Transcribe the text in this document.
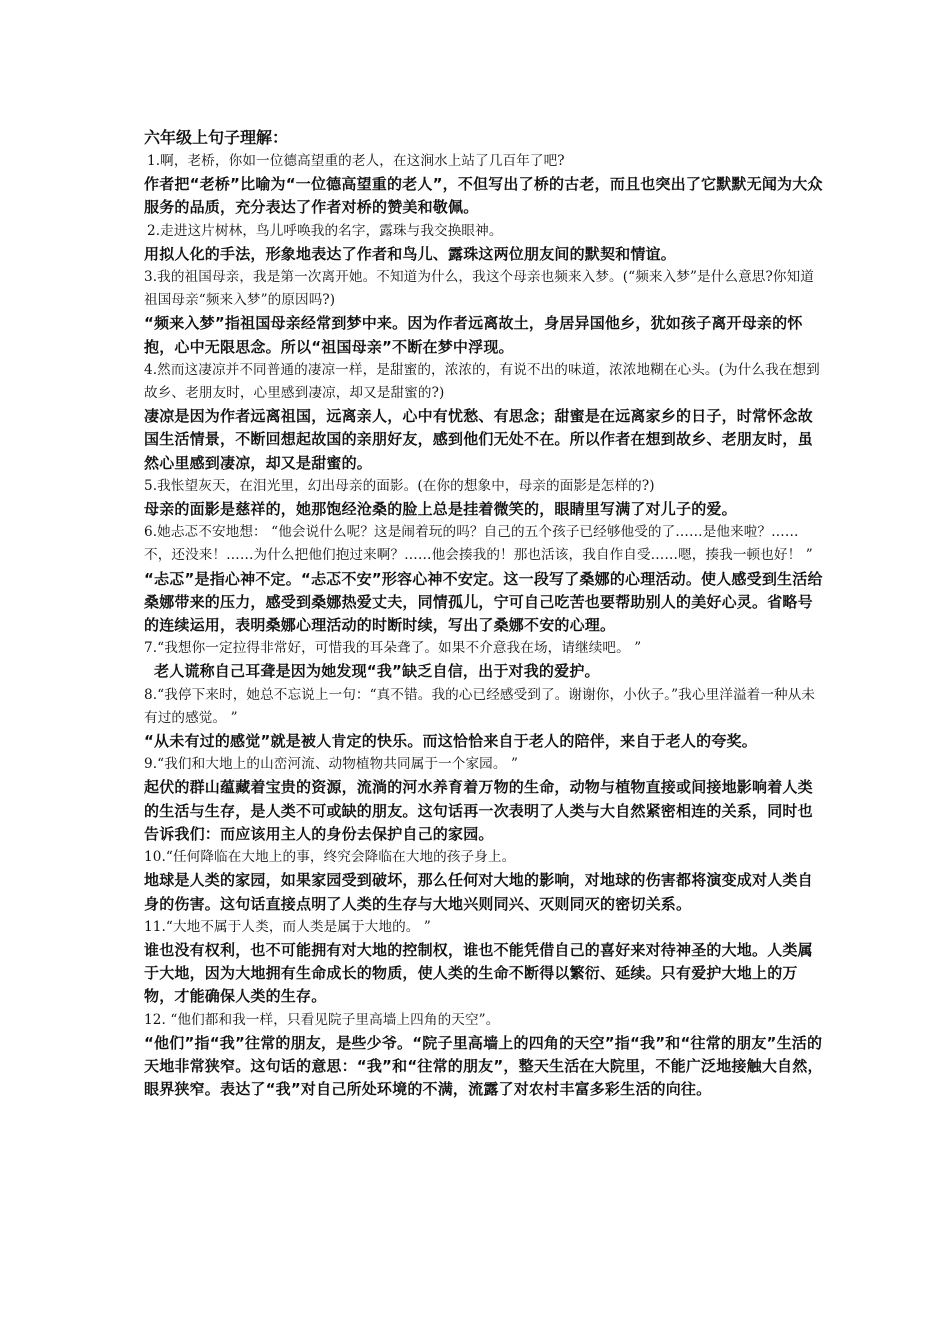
六年级上句子理解：
1.啊，老桥，你如一位德高望重的老人，在这涧水上站了几百年了吧?
作者把“老桥”比喻为“一位德高望重的老人”，不但写出了桥的古老，而且也突出了它默默无闻为大众服务的品质，充分表达了作者对桥的赞美和敬佩。
2.走进这片树林，鸟儿呼唤我的名字，露珠与我交换眼神。
用拟人化的手法，形象地表达了作者和鸟儿、露珠这两位朋友间的默契和情谊。
3.我的祖国母亲，我是第一次离开她。不知道为什么，我这个母亲也频来入梦。(“频来入梦”是什么意思?你知道祖国母亲“频来入梦”的原因吗?)
“频来入梦”指祖国母亲经常到梦中来。因为作者远离故土，身居异国他乡，犹如孩子离开母亲的怀抱，心中无限思念。所以“祖国母亲”不断在梦中浮现。
4.然而这凄凉并不同普通的凄凉一样，是甜蜜的，浓浓的，有说不出的味道，浓浓地糊在心头。(为什么我在想到故乡、老朋友时，心里感到凄凉，却又是甜蜜的?)
凄凉是因为作者远离祖国，远离亲人，心中有忧愁、有思念；甜蜜是在远离家乡的日子，时常怀念故国生活情景，不断回想起故国的亲朋好友，感到他们无处不在。所以作者在想到故乡、老朋友时，虽然心里感到凄凉，却又是甜蜜的。
5.我怅望灰天，在泪光里，幻出母亲的面影。(在你的想象中，母亲的面影是怎样的?)
母亲的面影是慈祥的，她那饱经沧桑的脸上总是挂着微笑的，眼睛里写满了对儿子的爱。
6.她忐忑不安地想： “他会说什么呢？这是闹着玩的吗？自己的五个孩子已经够他受的了……是他来啦？……不，还没来！……为什么把他们抱过来啊？……他会揍我的！那也活该，我自作自受……嗯，揍我一顿也好！ ”
“忐忑”是指心神不定。“忐忑不安”形容心神不安定。这一段写了桑娜的心理活动。使人感受到生活给桑娜带来的压力，感受到桑娜热爱丈夫，同情孤儿，宁可自己吃苦也要帮助别人的美好心灵。省略号的连续运用，表明桑娜心理活动的时断时续，写出了桑娜不安的心理。
7.“我想你一定拉得非常好，可惜我的耳朵聋了。如果不介意我在场，请继续吧。 ”
老人谎称自己耳聋是因为她发现“我”缺乏自信，出于对我的爱护。
8.“我停下来时，她总不忘说上一句：“真不错。我的心已经感受到了。谢谢你，小伙子。”我心里洋溢着一种从未有过的感觉。 ”
“从未有过的感觉”就是被人肯定的快乐。而这恰恰来自于老人的陪伴，来自于老人的夸奖。
9.“我们和大地上的山峦河流、动物植物共同属于一个家园。 ”
起伏的群山蕴藏着宝贵的资源，流淌的河水养育着万物的生命，动物与植物直接或间接地影响着人类的生活与生存，是人类不可或缺的朋友。这句话再一次表明了人类与大自然紧密相连的关系，同时也告诉我们：而应该用主人的身份去保护自己的家园。
10.“任何降临在大地上的事，终究会降临在大地的孩子身上。
地球是人类的家园，如果家园受到破坏，那么任何对大地的影响，对地球的伤害都将演变成对人类自身的伤害。这句话直接点明了人类的生存与大地兴则同兴、灭则同灭的密切关系。
11.“大地不属于人类，而人类是属于大地的。 ”
谁也没有权利，也不可能拥有对大地的控制权，谁也不能凭借自己的喜好来对待神圣的大地。人类属于大地，因为大地拥有生命成长的物质，使人类的生命不断得以繁衍、延续。只有爱护大地上的万物，才能确保人类的生存。
12. “他们都和我一样，只看见院子里高墙上四角的天空”。
“他们”指“我”往常的朋友，是些少爷。“院子里高墙上的四角的天空”指“我”和“往常的朋友”生活的天地非常狭窄。这句话的意思：“我”和“往常的朋友”，整天生活在大院里，不能广泛地接触大自然，眼界狭窄。表达了“我”对自己所处环境的不满，流露了对农村丰富多彩生活的向往。
